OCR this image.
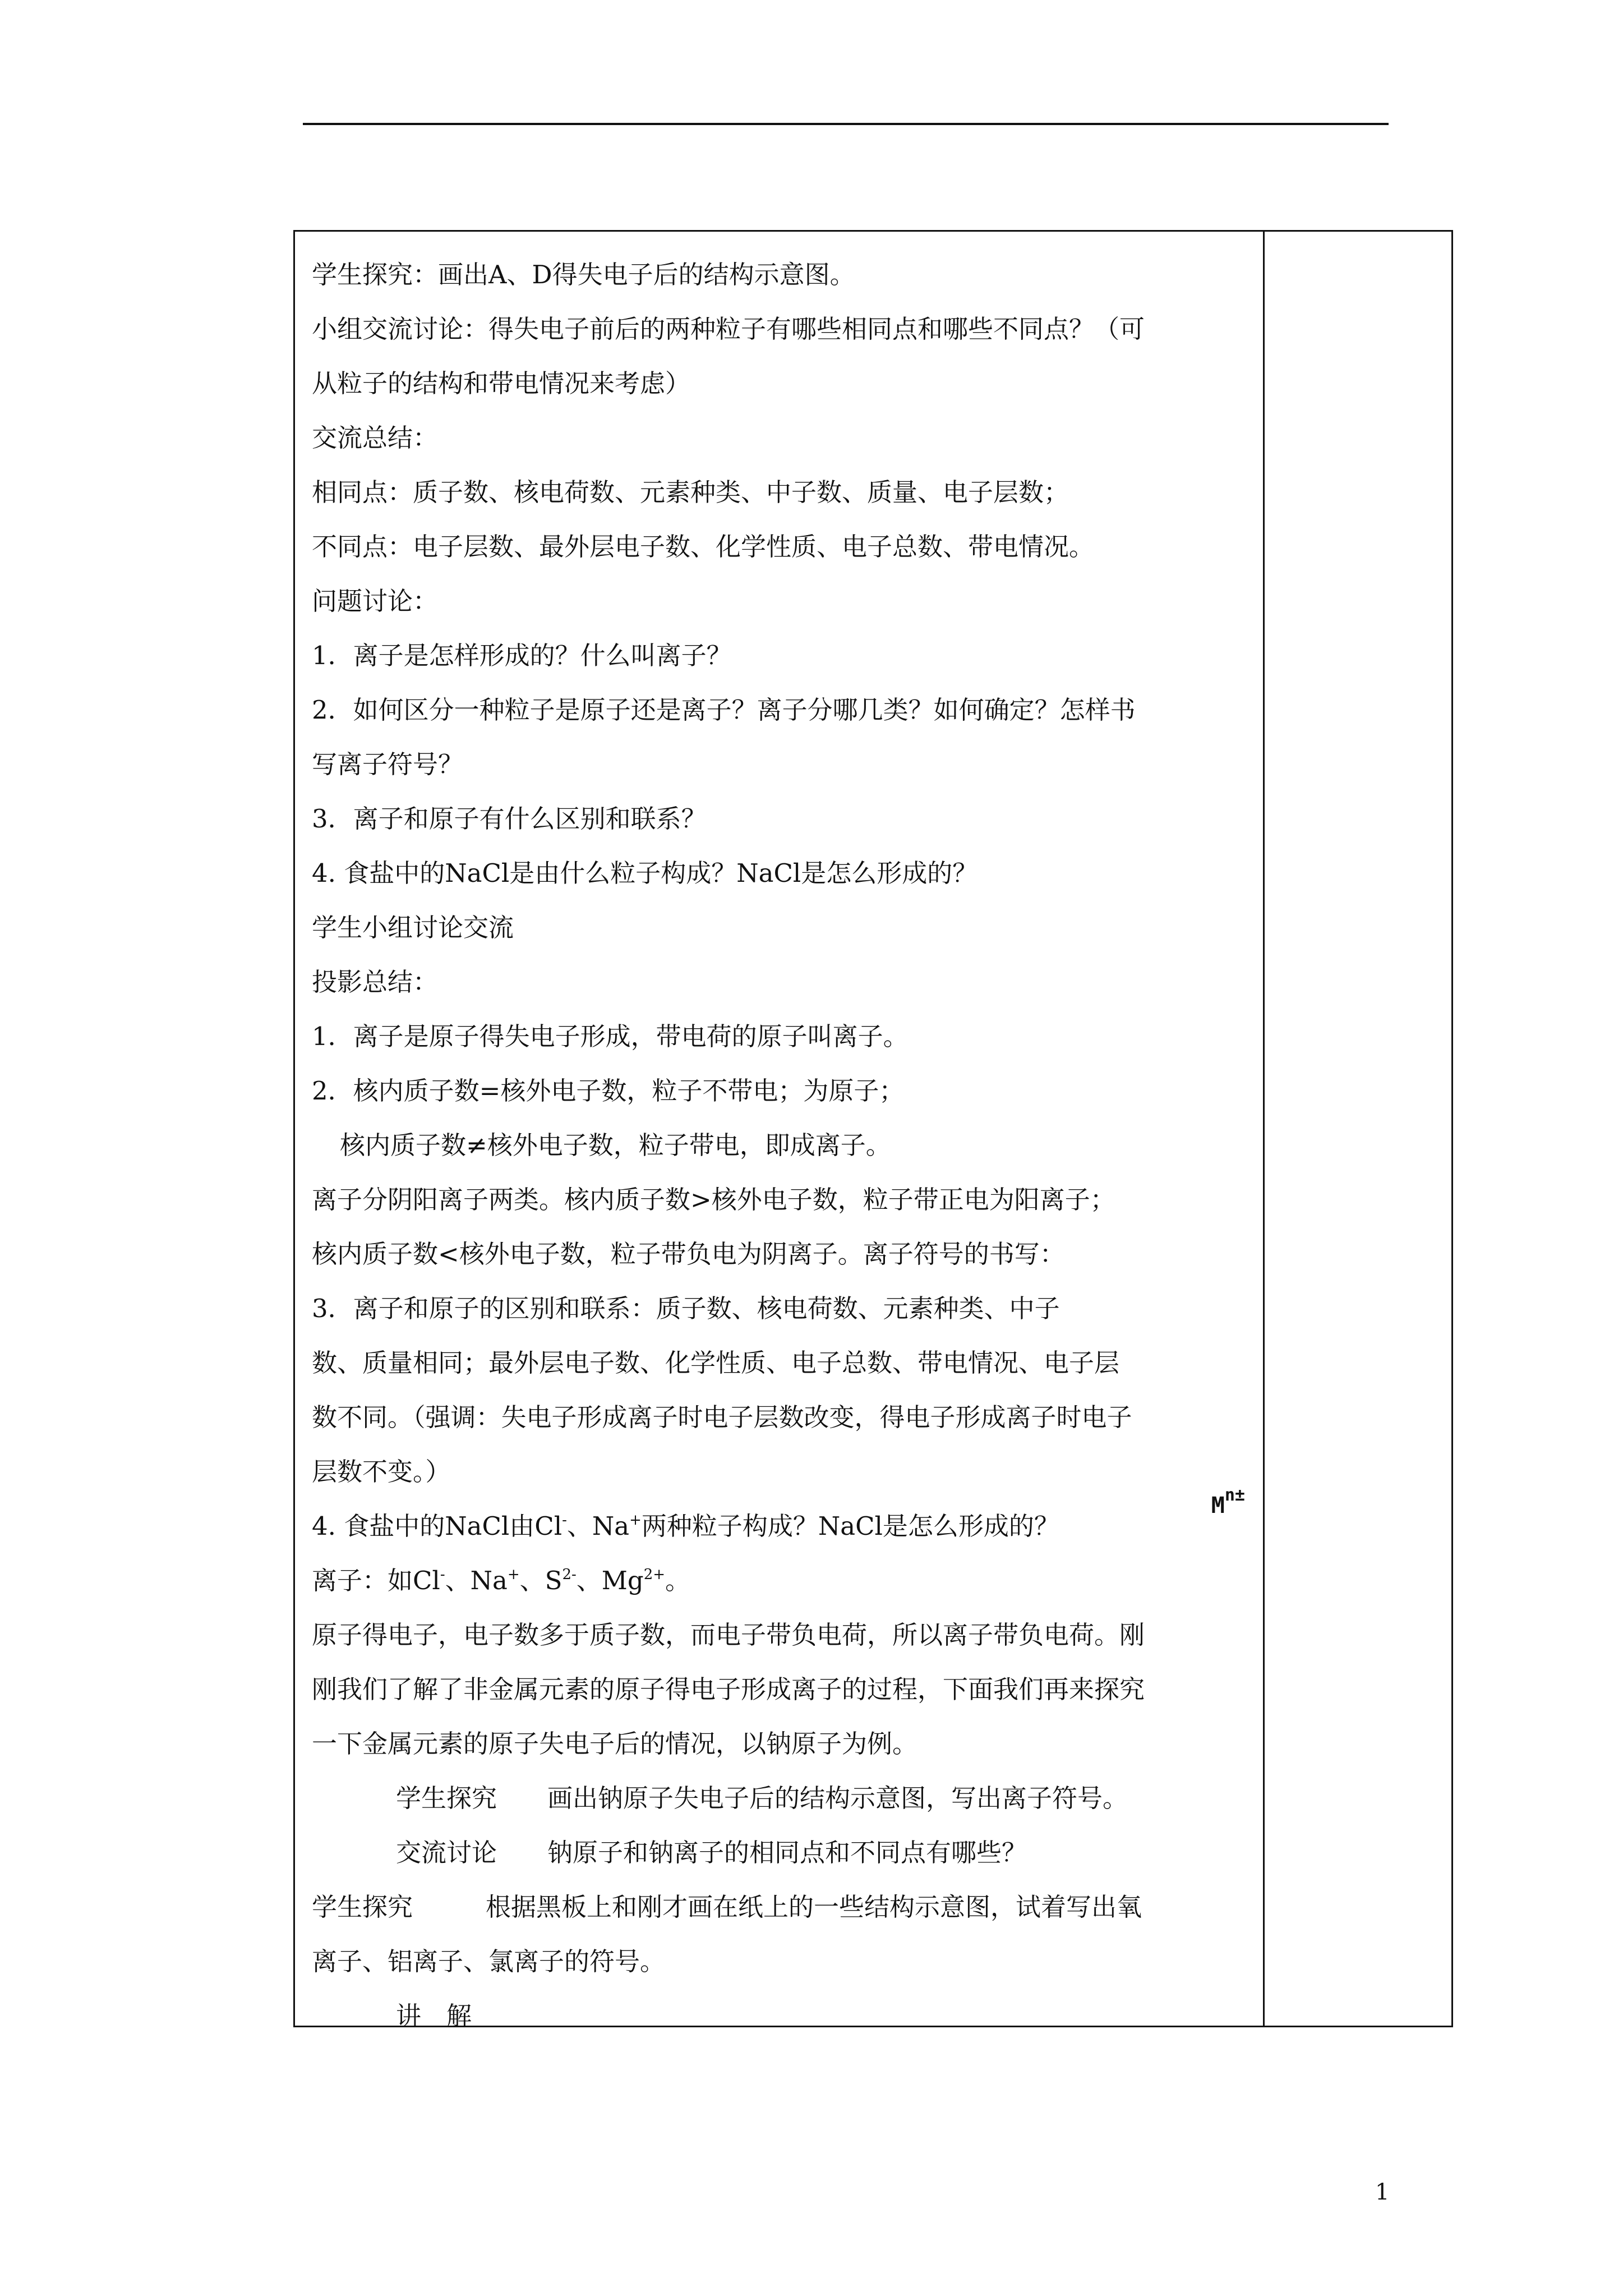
学生探究：画出A、D得失电子后的结构示意图。
小组交流讨论：得失电子前后的两种粒子有哪些相同点和哪些不同点？（可
从粒子的结构和带电情况来考虑）
交流总结：
相同点：质子数、核电荷数、元素种类、中子数、质量、电子层数；
不同点：电子层数、最外层电子数、化学性质、电子总数、带电情况。
问题讨论：
1．离子是怎样形成的？什么叫离子？
2．如何区分一种粒子是原子还是离子？离子分哪几类？如何确定？怎样书
写离子符号？
3．离子和原子有什么区别和联系？
4. 食盐中的NaCl是由什么粒子构成？NaCl是怎么形成的？
学生小组讨论交流
投影总结：
1．离子是原子得失电子形成，带电荷的原子叫离子。
2．核内质子数=核外电子数，粒子不带电；为原子；
核内质子数≠核外电子数，粒子带电，即成离子。
离子分阴阳离子两类。核内质子数>核外电子数，粒子带正电为阳离子；
核内质子数<核外电子数，粒子带负电为阴离子。离子符号的书写：
3．离子和原子的区别和联系：质子数、核电荷数、元素种类、中子
数、质量相同；最外层电子数、化学性质、电子总数、带电情况、电子层
数不同。（强调：失电子形成离子时电子层数改变，得电子形成离子时电子
层数不变。）
4. 食盐中的NaCl由Cl-、Na+两种粒子构成？NaCl是怎么形成的？
离子：如Cl-、Na+、$S^{2-}$、$Mg^{2+}$。
原子得电子，电子数多于质子数，而电子带负电荷，所以离子带负电荷。刚
刚我们了解了非金属元素的原子得电子形成离子的过程，下面我们再来探究
一下金属元素的原子失电子后的情况，以钠原子为例。
学生探究 画出钠原子失电子后的结构示意图，写出离子符号。
交流讨论 钠原子和钠离子的相同点和不同点有哪些？
学生探究	根据黑板上和刚才画在纸上的一些结构示意图，试着写出氧
离子、铝离子、氯离子的符号。
讲　解
$M^{n\pm}$
1
